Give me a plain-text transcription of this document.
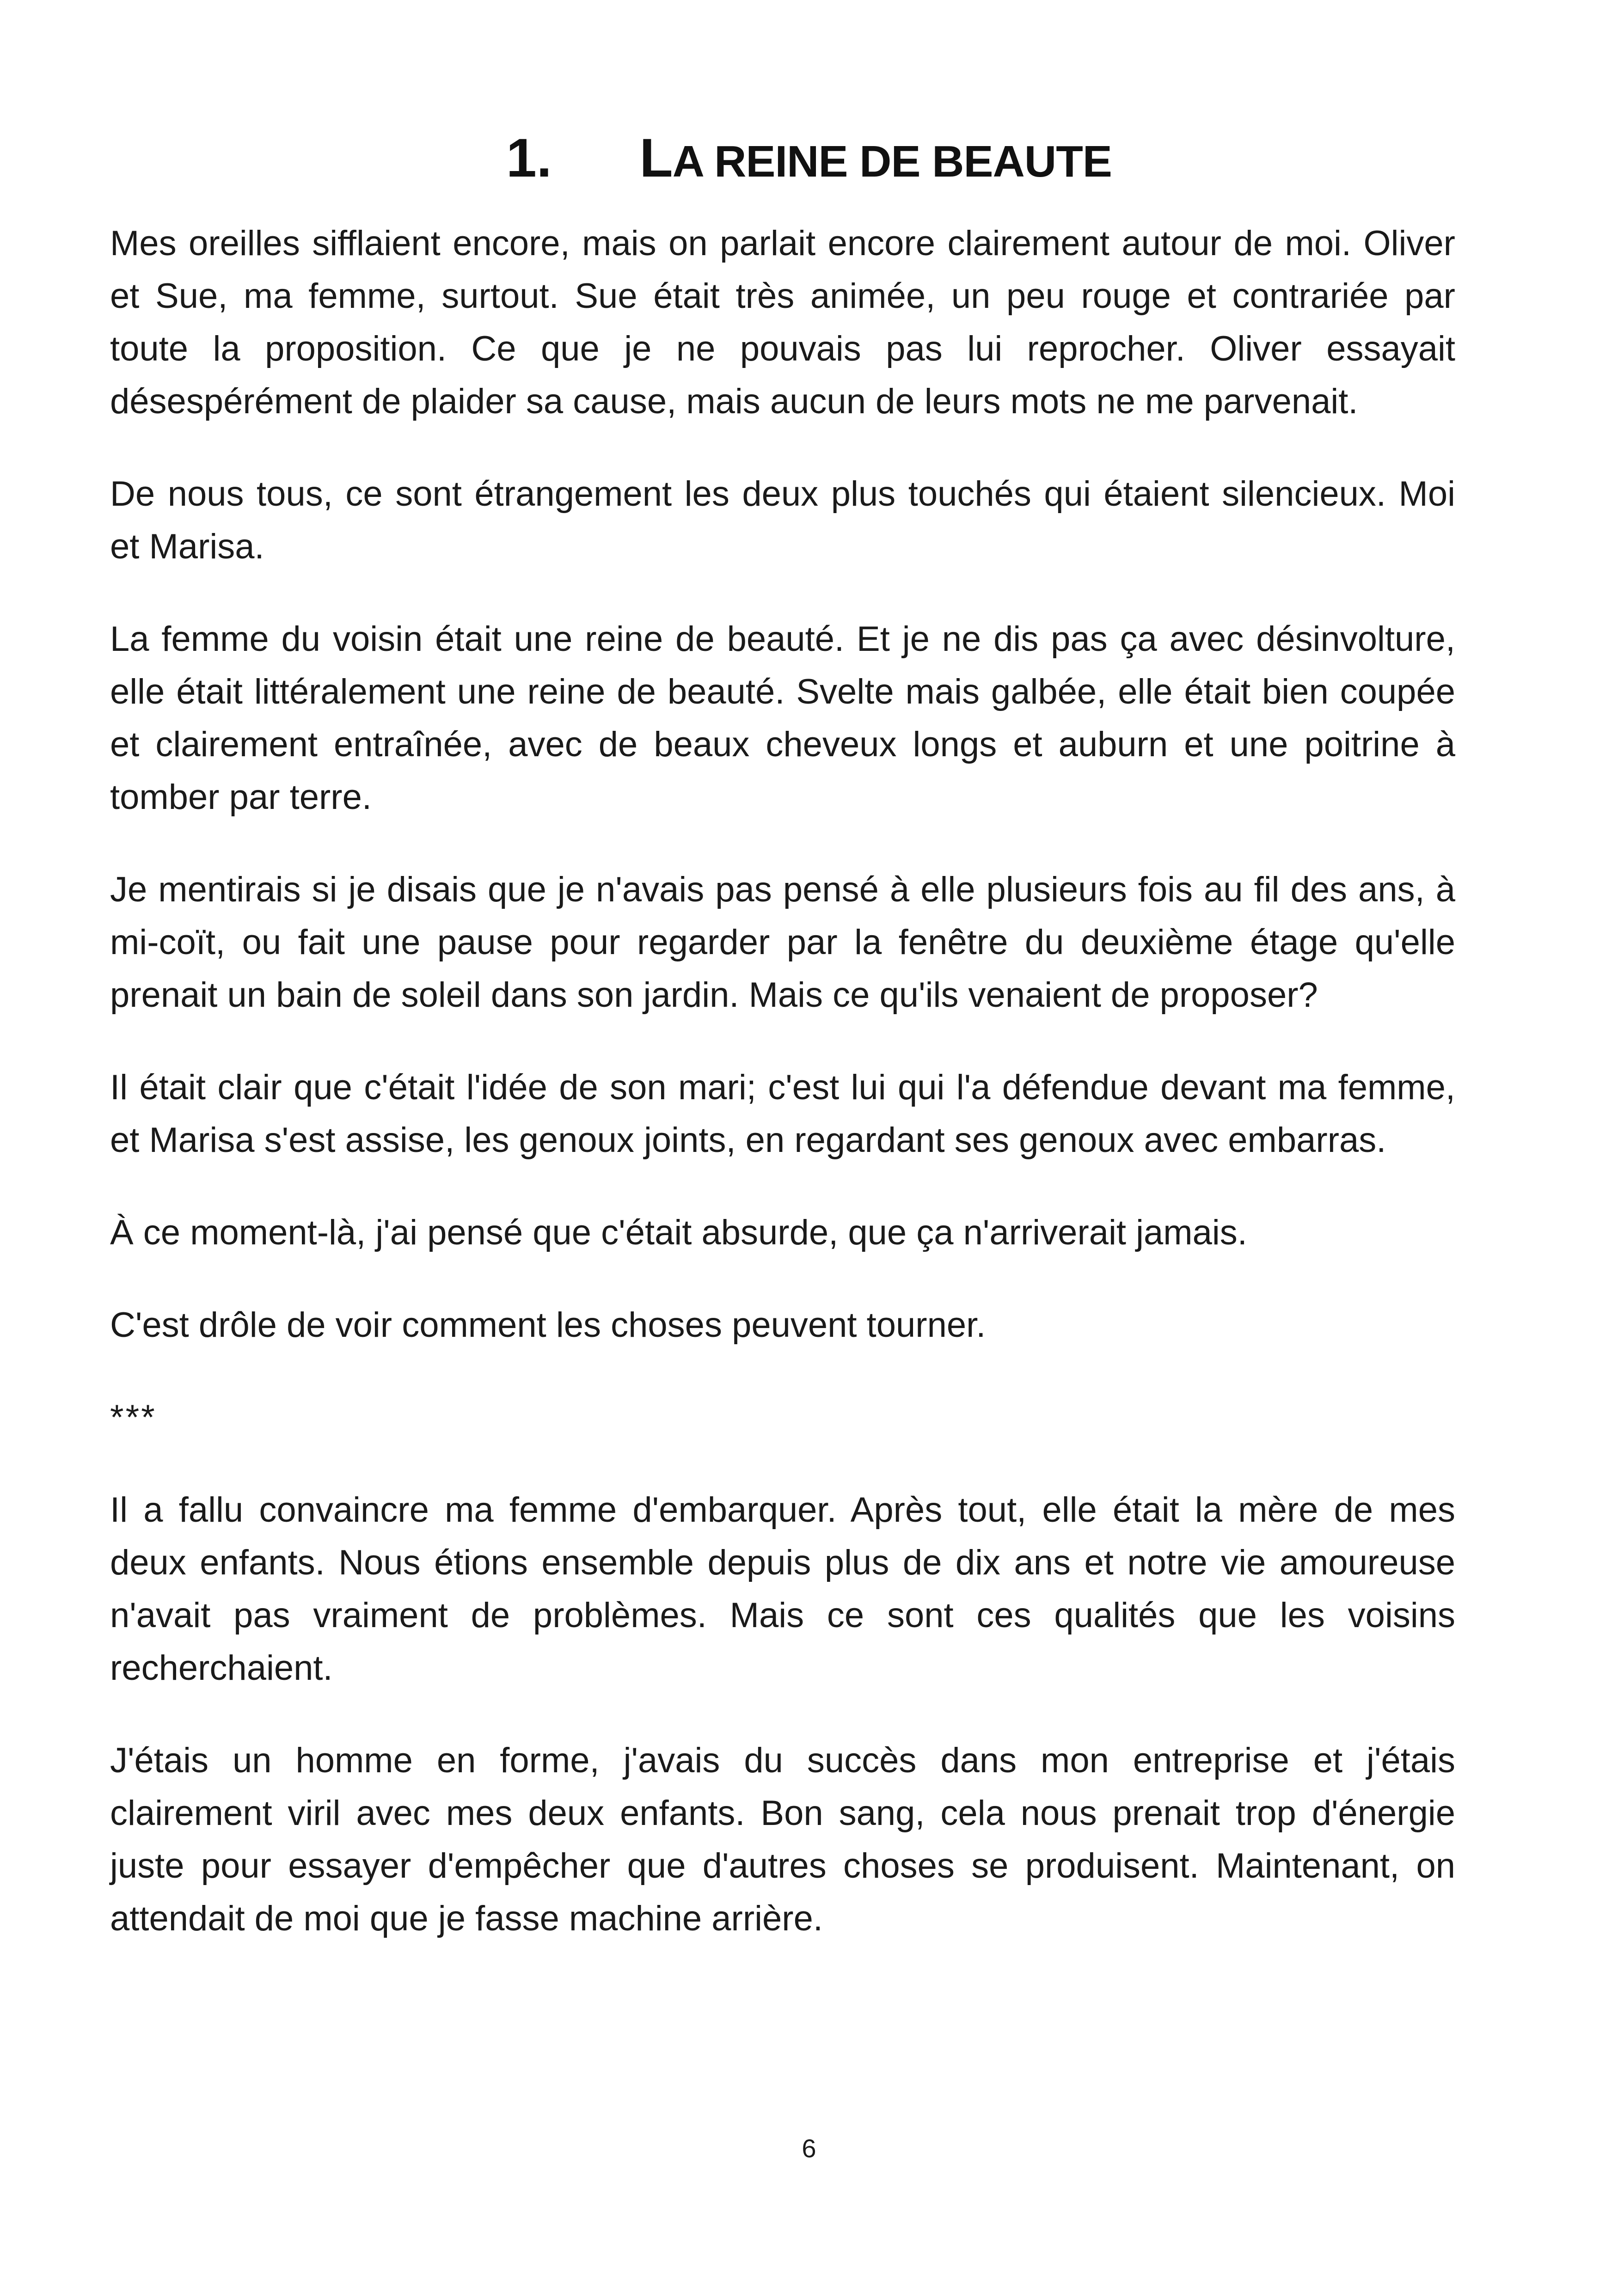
1. LA REINE DE BEAUTE

Mes oreilles sifflaient encore, mais on parlait encore clairement autour de moi. Oliver et Sue, ma femme, surtout. Sue était très animée, un peu rouge et contrariée par toute la proposition. Ce que je ne pouvais pas lui reprocher. Oliver essayait désespérément de plaider sa cause, mais aucun de leurs mots ne me parvenait.

De nous tous, ce sont étrangement les deux plus touchés qui étaient silencieux. Moi et Marisa.

La femme du voisin était une reine de beauté. Et je ne dis pas ça avec désinvolture, elle était littéralement une reine de beauté. Svelte mais galbée, elle était bien coupée et clairement entraînée, avec de beaux cheveux longs et auburn et une poitrine à tomber par terre.

Je mentirais si je disais que je n'avais pas pensé à elle plusieurs fois au fil des ans, à mi-coït, ou fait une pause pour regarder par la fenêtre du deuxième étage qu'elle prenait un bain de soleil dans son jardin. Mais ce qu'ils venaient de proposer?

Il était clair que c'était l'idée de son mari; c'est lui qui l'a défendue devant ma femme, et Marisa s'est assise, les genoux joints, en regardant ses genoux avec embarras.

À ce moment-là, j'ai pensé que c'était absurde, que ça n'arriverait jamais.

C'est drôle de voir comment les choses peuvent tourner.

***

Il a fallu convaincre ma femme d'embarquer. Après tout, elle était la mère de mes deux enfants. Nous étions ensemble depuis plus de dix ans et notre vie amoureuse n'avait pas vraiment de problèmes. Mais ce sont ces qualités que les voisins recherchaient.

J'étais un homme en forme, j'avais du succès dans mon entreprise et j'étais clairement viril avec mes deux enfants. Bon sang, cela nous prenait trop d'énergie juste pour essayer d'empêcher que d'autres choses se produisent. Maintenant, on attendait de moi que je fasse machine arrière.

6
